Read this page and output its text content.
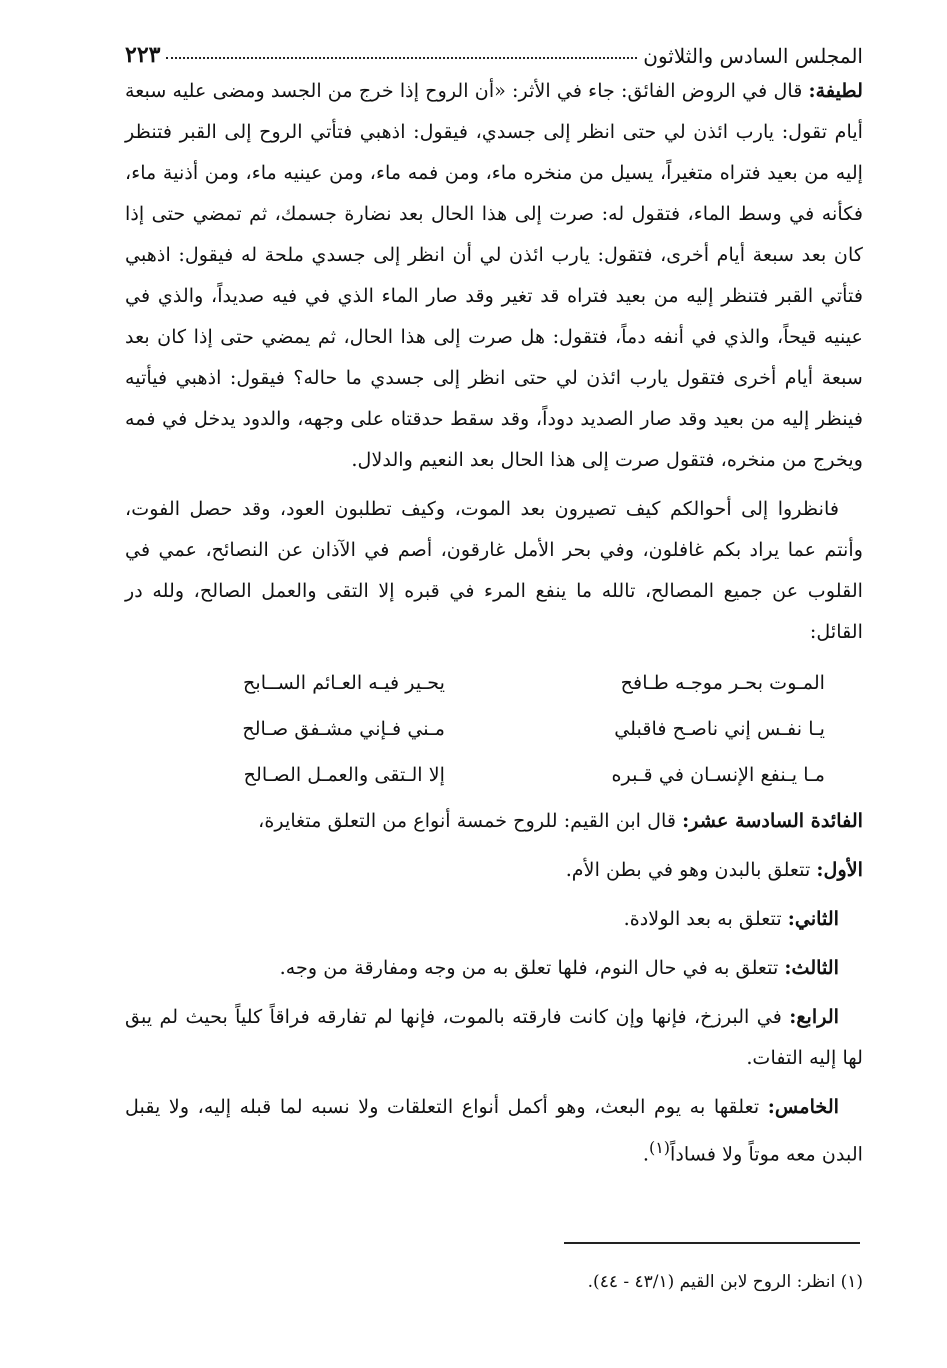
المجلس السادس والثلاثون
٢٢٣

لطيفة: قال في الروض الفائق: جاء في الأثر: «أن الروح إذا خرج من الجسد ومضى عليه سبعة أيام تقول: يارب ائذن لي حتى انظر إلى جسدي، فيقول: اذهبي فتأتي الروح إلى القبر فتنظر إليه من بعيد فتراه متغيراً، يسيل من منخره ماء، ومن فمه ماء، ومن عينيه ماء، ومن أذنية ماء، فكأنه في وسط الماء، فتقول له: صرت إلى هذا الحال بعد نضارة جسمك، ثم تمضي حتى إذا كان بعد سبعة أيام أخرى، فتقول: يارب ائذن لي أن انظر إلى جسدي ملحة له فيقول: اذهبي فتأتي القبر فتنظر إليه من بعيد فتراه قد تغير وقد صار الماء الذي في فيه صديداً، والذي في عينيه قيحاً، والذي في أنفه دماً، فتقول: هل صرت إلى هذا الحال، ثم يمضي حتى إذا كان بعد سبعة أيام أخرى فتقول يارب ائذن لي حتى انظر إلى جسدي ما حاله؟ فيقول: اذهبي فيأتيه فينظر إليه من بعيد وقد صار الصديد دوداً، وقد سقط حدقتاه على وجهه، والدود يدخل في فمه ويخرج من منخره، فتقول صرت إلى هذا الحال بعد النعيم والدلال.

فانظروا إلى أحوالكم كيف تصيرون بعد الموت، وكيف تطلبون العود، وقد حصل الفوت، وأنتم عما يراد بكم غافلون، وفي بحر الأمل غارقون، أصم في الآذان عن النصائح، عمي في القلوب عن جميع المصالح، تالله ما ينفع المرء في قبره إلا التقى والعمل الصالح، ولله در القائل:

المـوت بحـر موجـه طـافح
يحـير فيـه العـائم الســابح
يـا نفـس إني ناصـح فاقبلي
مـني فـإني مشـفق صـالح
مـا يـنفع الإنسـان في قـبره
إلا الـتقى والعمـل الصـالح

الفائدة السادسة عشر: قال ابن القيم: للروح خمسة أنواع من التعلق متغايرة،

الأول: تتعلق بالبدن وهو في بطن الأم.

الثاني: تتعلق به بعد الولادة.

الثالث: تتعلق به في حال النوم، فلها تعلق به من وجه ومفارقة من وجه.

الرابع: في البرزخ، فإنها وإن كانت فارقته بالموت، فإنها لم تفارقه فراقاً كلياً بحيث لم يبق لها إليه التفات.

الخامس: تعلقها به يوم البعث، وهو أكمل أنواع التعلقات ولا نسبه لما قبله إليه، ولا يقبل البدن معه موتاً ولا فساداً$^{(١)}$.

(١) انظر: الروح لابن القيم (٤٣/١ - ٤٤).
